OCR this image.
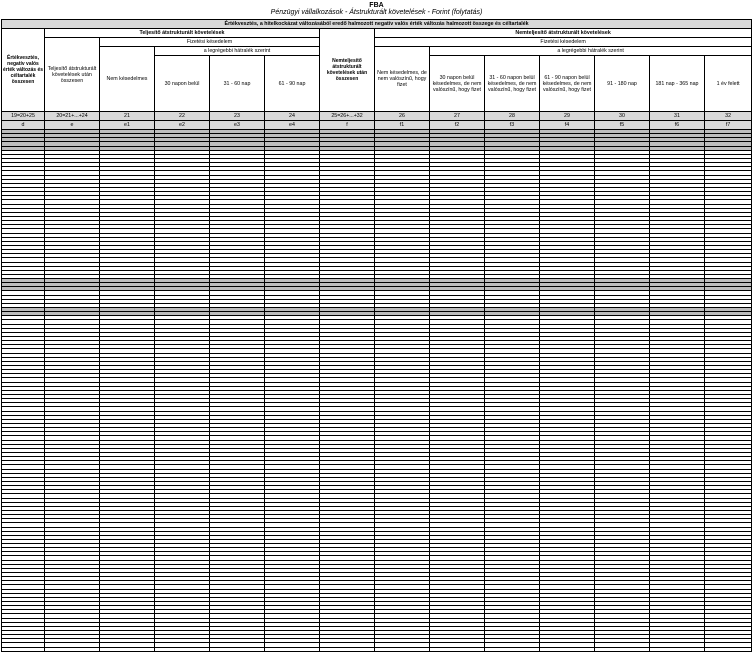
FBA
Pénzügyi vállalkozások - Átstrukturált követelések - Forint (folytatás)
Értékvesztés, a hitelkockázat változásából eredő halmozott negatív valós érték változás halmozott összege és céltartalék													
Értékvesztés, negatív valós érték változás és céltartalék összesen	Teljesítő átstrukturált követelések					Nemteljesítő átstrukturált követelések után összesen	Nemteljesítő átstrukturált követelések						
	Teljesítő átstrukturált követelések után összesen	Fizetési késedelem					Fizetési késedelem						
		Nem késedelmes	a legrégebbi hátralék szerint				Nem késedelmes, de nem valószínű, hogy fizet	a legrégebbi hátralék szerint					
			30 napon belül	31 - 60 nap	61 - 90 nap			30 napon belül késedelmes, de nem valószínű, hogy fizet	31 - 60 napon belül késedelmes, de nem valószínű, hogy fizet	61 - 90 napon belül késedelmes, de nem valószínű, hogy fizet	91 - 180 nap	181 nap - 365 nap	1 év felett
19=20+25	20=21+...+24	21	22	23	24	25=26+...+32	26	27	28	29	30	31	32
d	e	e1	e2	e3	e4	f	f1	f2	f3	f4	f5	f6	f7
